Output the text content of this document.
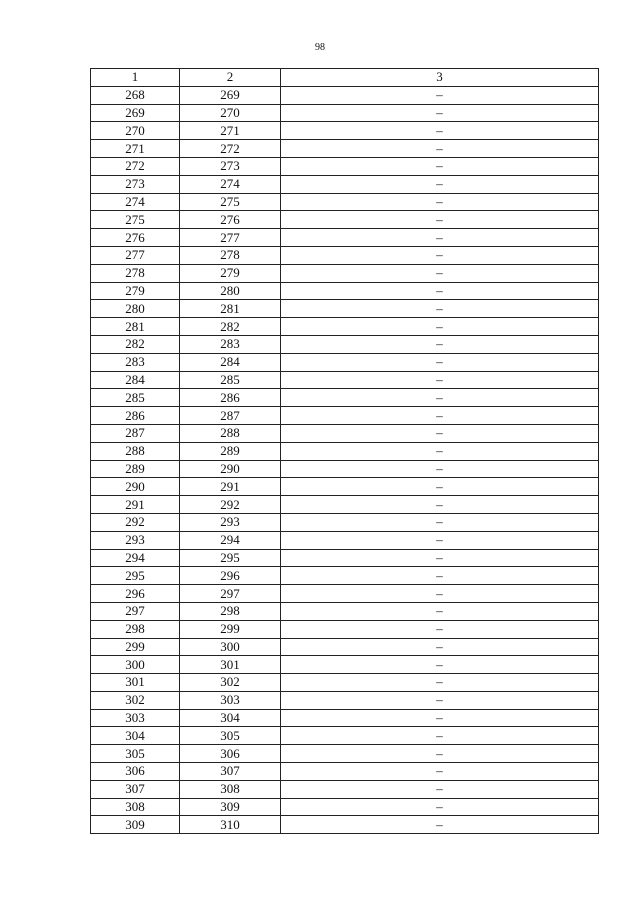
98
1	2	3
268	269	–
269	270	–
270	271	–
271	272	–
272	273	–
273	274	–
274	275	–
275	276	–
276	277	–
277	278	–
278	279	–
279	280	–
280	281	–
281	282	–
282	283	–
283	284	–
284	285	–
285	286	–
286	287	–
287	288	–
288	289	–
289	290	–
290	291	–
291	292	–
292	293	–
293	294	–
294	295	–
295	296	–
296	297	–
297	298	–
298	299	–
299	300	–
300	301	–
301	302	–
302	303	–
303	304	–
304	305	–
305	306	–
306	307	–
307	308	–
308	309	–
309	310	–
